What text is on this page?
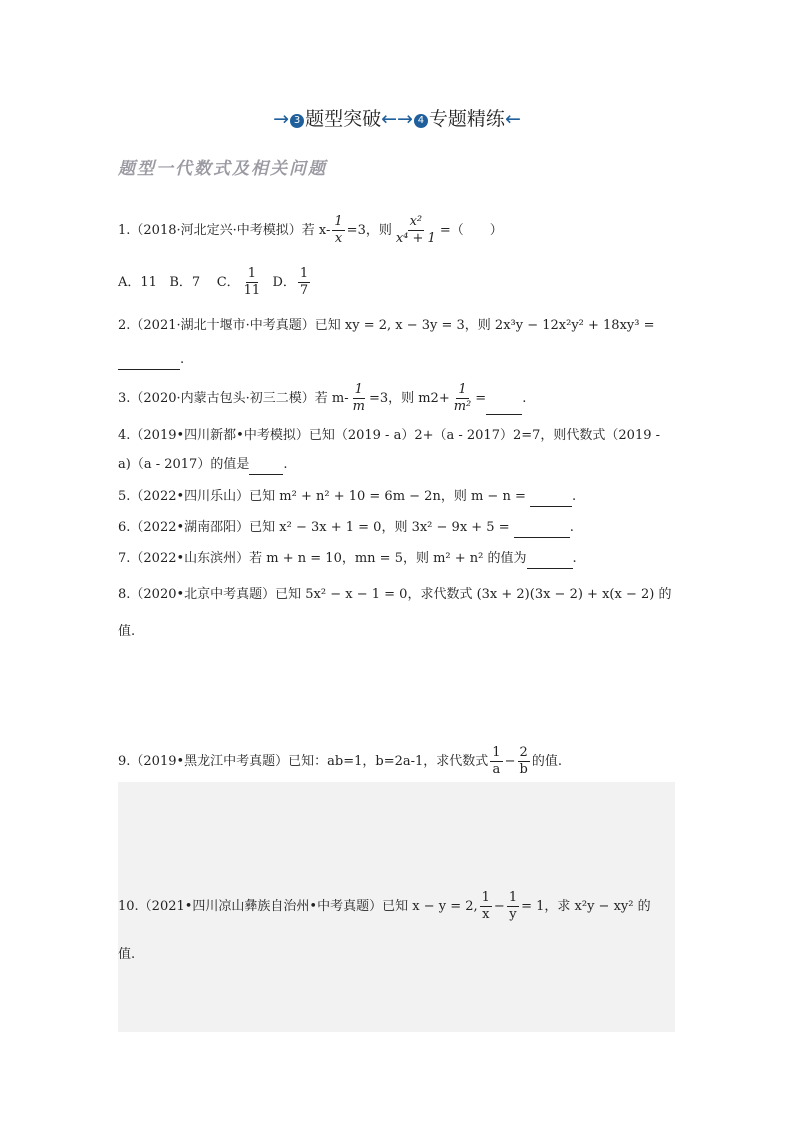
→ 3 题型突破←→ 4 专题精练←
题型一代数式及相关问题
1.（2018·河北定兴·中考模拟）若 $x- \frac{1}{x} =3$，则 $\frac{\text{x²}}{\text{x⁴ + 1}}$ =（　　）
A．11 B．7 C． $\frac{1}{11}$ D． $\frac{1}{7}$
2.（2021·湖北十堰市·中考真题）已知 xy = 2, x − 3y = 3，则 2x³y − 12x²y² + 18xy³ =
.
3.（2020·内蒙古包头·初三二模）若 $m- \frac{1}{m} =3$，则 $m2+ \frac{1}{\text{m²}}$ =	.
4.（2019•四川新都•中考模拟）已知（2019 - a）2+（a - 2017）2=7，则代数式（2019 -
a)（a - 2017）的值是	.
5.（2022•四川乐山）已知 m² + n² + 10 = 6m − 2n，则 m − n =	.
6.（2022•湖南邵阳）已知 x² − 3x + 1 = 0，则 3x² − 9x + 5 =	.
7.（2022•山东滨州）若 m + n = 10，mn = 5，则 m² + n² 的值为	.
8.（2020•北京中考真题）已知 5x² − x − 1 = 0，求代数式 (3x + 2)(3x − 2) + x(x − 2) 的
值.
9.（2019•黑龙江中考真题）已知：ab=1，b=2a-1，求代数式 $\frac{1}{a} - \frac{2}{b}$ 的值.
10.（2021•四川凉山彝族自治州•中考真题）已知 x − y = 2, $\frac{1}{x} - \frac{1}{y} = 1$，求 x²y − xy² 的
值.
